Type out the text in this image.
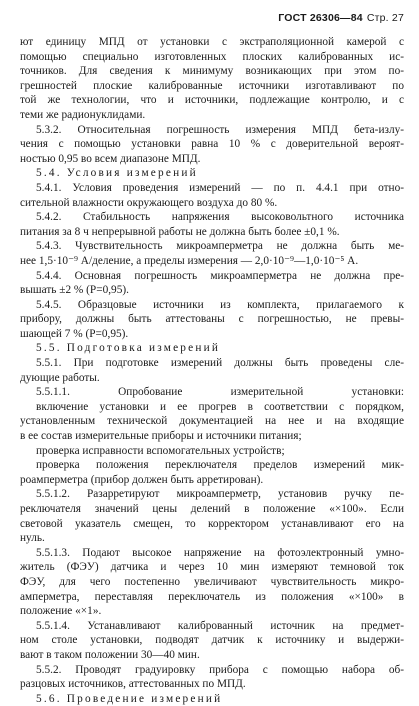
ГОСТ 26306—84 Стр. 27
ют единицу МПД от установки с экстраполяционной камерой с
помощью специально изготовленных плоских калиброванных ис-
точников. Для сведения к минимуму возникающих при этом по-
грешностей плоские калиброванные источники изготавливают по
той же технологии, что и источники, подлежащие контролю, и с
теми же радионуклидами.
5.3.2. Относительная погрешность измерения МПД бета-излу-
чения с помощью установки равна 10 % с доверительной вероят-
ностью 0,95 во всем диапазоне МПД.
5.4. Условия измерений
5.4.1. Условия проведения измерений — по п. 4.4.1 при отно-
сительной влажности окружающего воздуха до 80 %.
5.4.2. Стабильность напряжения высоковольтного источника
питания за 8 ч непрерывной работы не должна быть более ±0,1 %.
5.4.3. Чувствительность микроамперметра не должна быть ме-
нее 1,5·10⁻⁹ А/деление, а пределы измерения — 2,0·10⁻⁹—1,0·10⁻⁵ А.
5.4.4. Основная погрешность микроамперметра не должна пре-
вышать ±2 % (Р=0,95).
5.4.5. Образцовые источники из комплекта, прилагаемого к
прибору, должны быть аттестованы с погрешностью, не превы-
шающей 7 % (Р=0,95).
5.5. Подготовка измерений
5.5.1. При подготовке измерений должны быть проведены сле-
дующие работы.
5.5.1.1. Опробование измерительной установки:
включение установки и ее прогрев в соответствии с порядком,
установленным технической документацией на нее и на входящие
в ее состав измерительные приборы и источники питания;
проверка исправности вспомогательных устройств;
проверка положения переключателя пределов измерений мик-
роамперметра (прибор должен быть арретирован).
5.5.1.2. Разарретируют микроамперметр, установив ручку пе-
реключателя значений цены делений в положение «×100». Если
световой указатель смещен, то корректором устанавливают его на
нуль.
5.5.1.3. Подают высокое напряжение на фотоэлектронный умно-
житель (ФЭУ) датчика и через 10 мин измеряют темновой ток
ФЭУ, для чего постепенно увеличивают чувствительность микро-
амперметра, переставляя переключатель из положения «×100» в
положение «×1».
5.5.1.4. Устанавливают калиброванный источник на предмет-
ном столе установки, подводят датчик к источнику и выдержи-
вают в таком положении 30—40 мин.
5.5.2. Проводят градуировку прибора с помощью набора об-
разцовых источников, аттестованных по МПД.
5.6. Проведение измерений
